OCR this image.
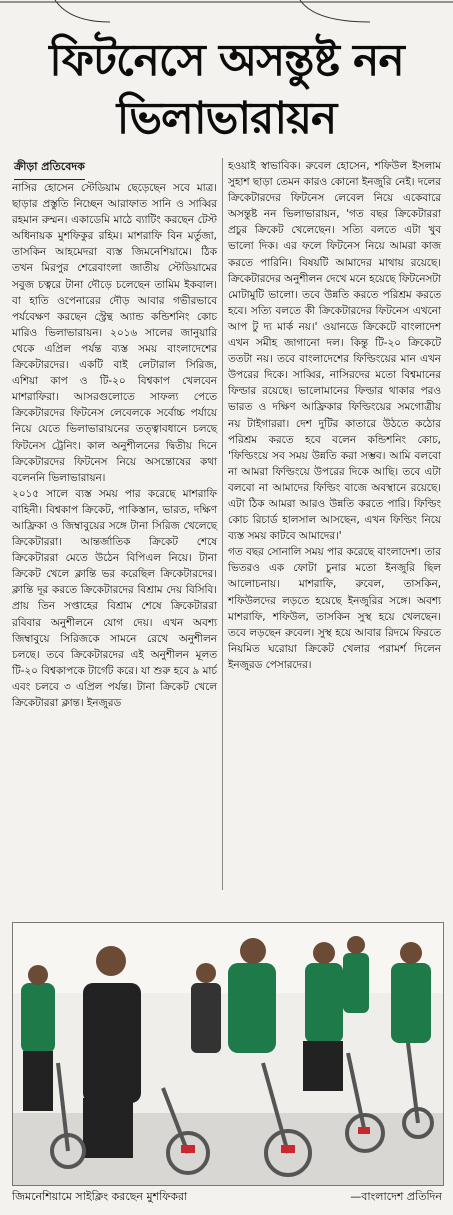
ফিটনেসে অসন্তুষ্ট নন
ভিলাভারায়ন
ক্রীড়া প্রতিবেদক

নাসির হোসেন স্টেডিয়াম ছেড়েছেন সবে মাত্র। ছাড়ার প্রস্তুতি নিচ্ছেন আরাফাত সানি ও সাব্বির রহমান রুম্মন। একাডেমি মাঠে ব্যাটিং করছেন টেস্ট অধিনায়ক মুশফিকুর রহিম। মাশরাফি বিন মর্তুজা, তাসকিন আহমেদরা ব্যস্ত জিমনেশিয়ামে। ঠিক তখন মিরপুর শেরেবাংলা জাতীয় স্টেডিয়ামের সবুজ চত্বরে টানা দৌড়ে চলেছেন তামিম ইকবাল। বা হাতি ওপেনারের দৌড় আবার গভীরভাবে পর্যবেক্ষণ করছেন স্ট্রেন্থ অ্যান্ড কন্ডিশনিং কোচ মারিও ভিলাভারায়ন। ২০১৬ সালের জানুয়ারি থেকে এপ্রিল পর্যন্ত ব্যস্ত সময় বাংলাদেশের ক্রিকেটারদের। একটি বাই লেটারাল সিরিজ, এশিয়া কাপ ও টি-২০ বিশ্বকাপ খেলবেন মাশরাফিরা। আসরগুলোতে সাফল্য পেতে ক্রিকেটারদের ফিটনেস লেবেলকে সর্বোচ্চ পর্যায়ে নিয়ে যেতে ভিলাভারায়নের তত্ত্বাবধানে চলছে ফিটনেস ট্রেনিং। কাল অনুশীলনের দ্বিতীয় দিনে ক্রিকেটারদের ফিটনেস নিয়ে অসন্তোষের কথা বলেননি ভিলাভারায়ন।

২০১৫ সালে ব্যস্ত সময় পার করেছে মাশরাফি বাহিনী। বিশ্বকাপ ক্রিকেট, পাকিস্তান, ভারত, দক্ষিণ আফ্রিকা ও জিম্বাবুয়ের সঙ্গে টানা সিরিজ খেলেছে ক্রিকেটাররা। আন্তর্জাতিক ক্রিকেট শেষে ক্রিকেটাররা মেতে উঠেন বিপিএল নিয়ে। টানা ক্রিকেট খেলে ক্লান্তি ভর করেছিল ক্রিকেটারদের। ক্লান্তি দূর করতে ক্রিকেটারদের বিশ্রাম দেয় বিসিবি। প্রায় তিন সপ্তাহের বিশ্রাম শেষে ক্রিকেটাররা রবিবার অনুশীলনে যোগ দেয়। এখন অবশ্য জিম্বাবুয়ে সিরিজকে সামনে রেখে অনুশীলন চলছে। তবে ক্রিকেটারদের এই অনুশীলন মূলত টি-২০ বিশ্বকাপকে টার্গেট করে। যা শুরু হবে ৯ মার্চ এবং চলবে ৩ এপ্রিল পর্যন্ত। টানা ক্রিকেট খেলে ক্রিকেটাররা ক্লান্ত। ইনজুরড

হওয়াই স্বাভাবিক। রুবেল হোসেন, শফিউল ইসলাম সুহাশ ছাড়া তেমন কারও কোনো ইনজুরি নেই। দলের ক্রিকেটারদের ফিটনেস লেবেল নিয়ে একেবারে অসন্তুষ্ট নন ভিলাভারায়ন, 'গত বছর ক্রিকেটাররা প্রচুর ক্রিকেট খেলেছেন। সত্যি বলতে এটা খুব ভালো দিক। এর ফলে ফিটনেস নিয়ে আমরা কাজ করতে পারিনি। বিষয়টি আমাদের মাথায় রয়েছে। ক্রিকেটারদের অনুশীলন দেখে মনে হয়েছে ফিটনেসটা মোটামুটি ভালো। তবে উন্নতি করতে পরিশ্রম করতে হবে। সত্যি বলতে কী ক্রিকেটারদের ফিটনেস এখনো আপ টু দ্য মার্ক নয়।' ওয়ানডে ক্রিকেটে বাংলাদেশ এখন সমীহ জাগানো দল। কিন্তু টি-২০ ক্রিকেটে ততটা নয়। তবে বাংলাদেশের ফিল্ডিংয়ের মান এখন উপরের দিকে। সাব্বির, নাসিরদের মতো বিশ্বমানের ফিল্ডার রয়েছে। ভালোমানের ফিল্ডার থাকার পরও ভারত ও দক্ষিণ আফ্রিকার ফিল্ডিংয়ের সমগোত্রীয় নয় টাইগাররা। দেশ দুটির কাতারে উঠতে কঠোর পরিশ্রম করতে হবে বলেন কন্ডিশনিং কোচ, 'ফিল্ডিংয়ে সব সময় উন্নতি করা সম্ভব। আমি বলবো না আমরা ফিল্ডিংয়ে উপরের দিকে আছি। তবে এটা বলবো না আমাদের ফিল্ডিং বাজে অবস্থানে রয়েছে। এটা ঠিক আমরা আরও উন্নতি করতে পারি। ফিল্ডিং কোচ রিচার্ড হালসাল আসছেন, এখন ফিল্ডিং নিয়ে ব্যস্ত সময় কাটবে আমাদের।'

গত বছর সোনালি সময় পার করেছে বাংলাদেশ। তার ভিতরও এক ফোটা চুনার মতো ইনজুরি ছিল আলোচনায়। মাশরাফি, রুবেল, তাসকিন, শফিউলদের লড়তে হয়েছে ইনজুরির সঙ্গে। অবশ্য মাশরাফি, শফিউল, তাসকিন সুস্থ হয়ে খেলছেন। তবে লড়ছেন রুবেল। সুস্থ হয়ে আবার রিদমে ফিরতে নিয়মিত ঘরোয়া ক্রিকেট খেলার পরামর্শ দিলেন ইনজুরড পেসারদের।

জিমনেশিয়ামে সাইক্লিং করছেন মুশফিকরা	—বাংলাদেশ প্রতিদিন
